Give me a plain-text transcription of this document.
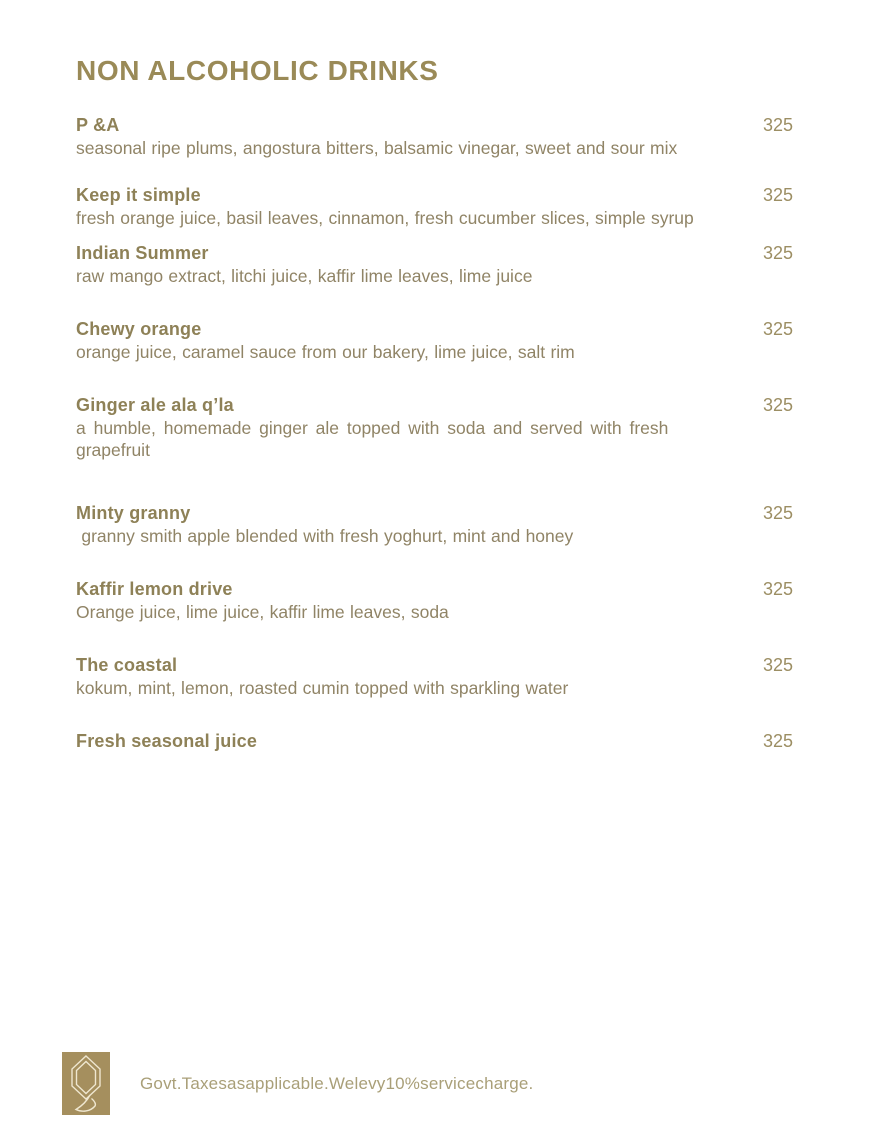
NON ALCOHOLIC DRINKS
P &A	325
seasonal ripe plums, angostura bitters, balsamic vinegar, sweet and sour mix
Keep it simple	325
fresh orange juice, basil leaves, cinnamon, fresh cucumber slices, simple syrup
Indian Summer	325
raw mango extract, litchi juice, kaffir lime leaves, lime juice
Chewy orange	325
orange juice, caramel sauce from our bakery, lime juice, salt rim
Ginger ale ala q’la	325
a humble, homemade ginger ale topped with soda and served with fresh grapefruit
Minty granny	325
granny smith apple blended with fresh yoghurt, mint and honey
Kaffir lemon drive	325
Orange juice, lime juice, kaffir lime leaves, soda
The coastal	325
kokum, mint, lemon, roasted cumin topped with sparkling water
Fresh seasonal juice	325
Govt.Taxesasapplicable.Welevy10%servicecharge.
